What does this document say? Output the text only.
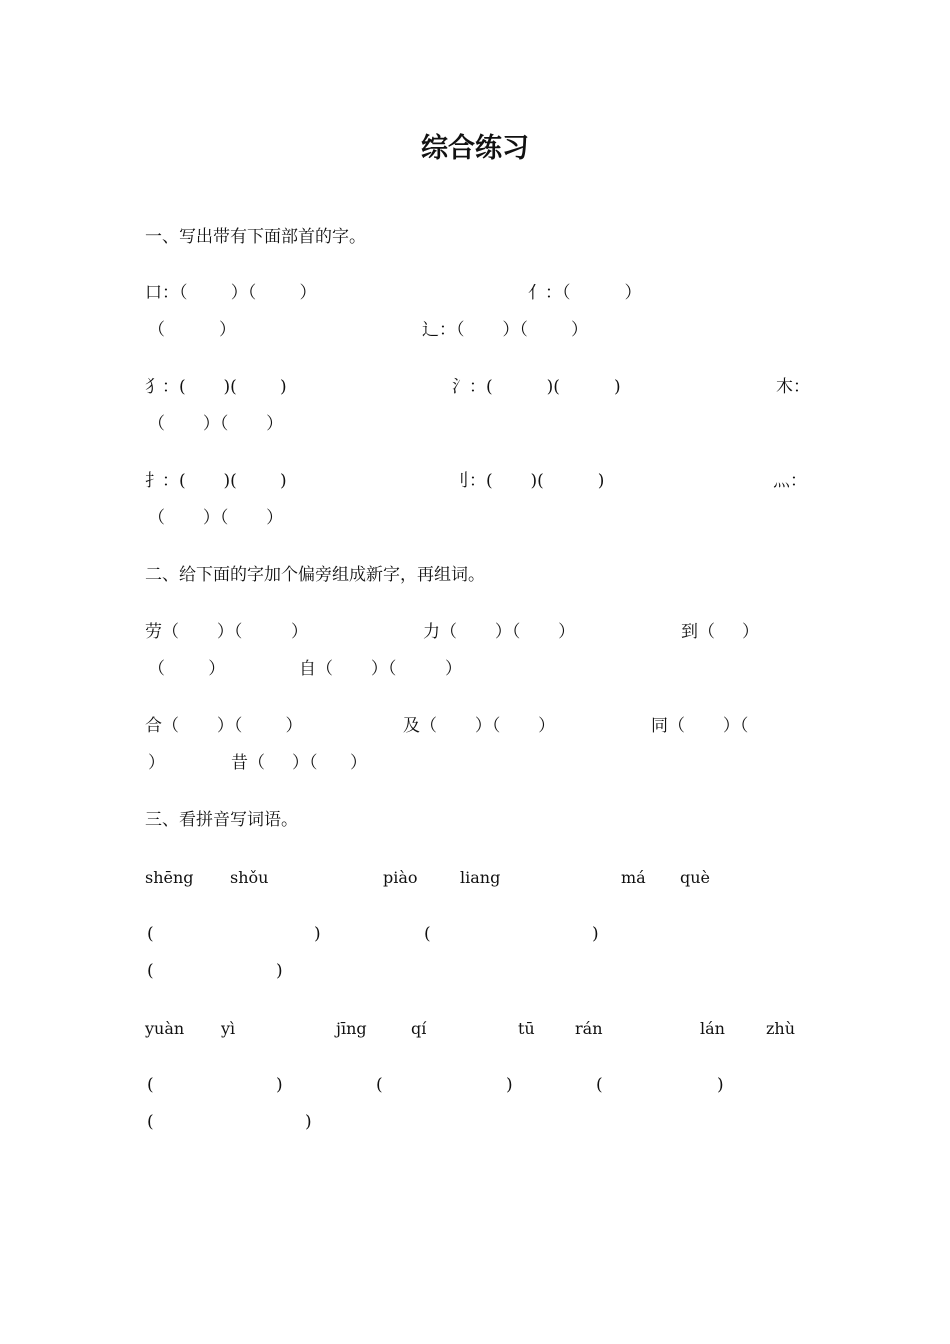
综合练习
一、写出带有下面部首的字。
口：（        ）（        ）	亻：（          ）
（          ）	辶：（       ）（        ）
犭：(       )(        )	氵：(          )(          )	木：
（       ）（       ）
扌：(       )(        )	刂：(       )(          )	灬：
（       ）（       ）
二、给下面的字加个偏旁组成新字，再组词。
劳（       ）（         ）	力（       ）（       ）	到（     ）
（        ）	自（       ）（         ）
合（       ）（        ）	及（       ）（       ）	同（       ）（
）	昔（     ）（      ）
三、看拼音写词语。
shēng shǒu	piào	liang	má què
(	)	(	)
(	)
yuàn yì	jīng	qí	tū	rán	lán	zhù
(	)	(	)	(	)
(	)
